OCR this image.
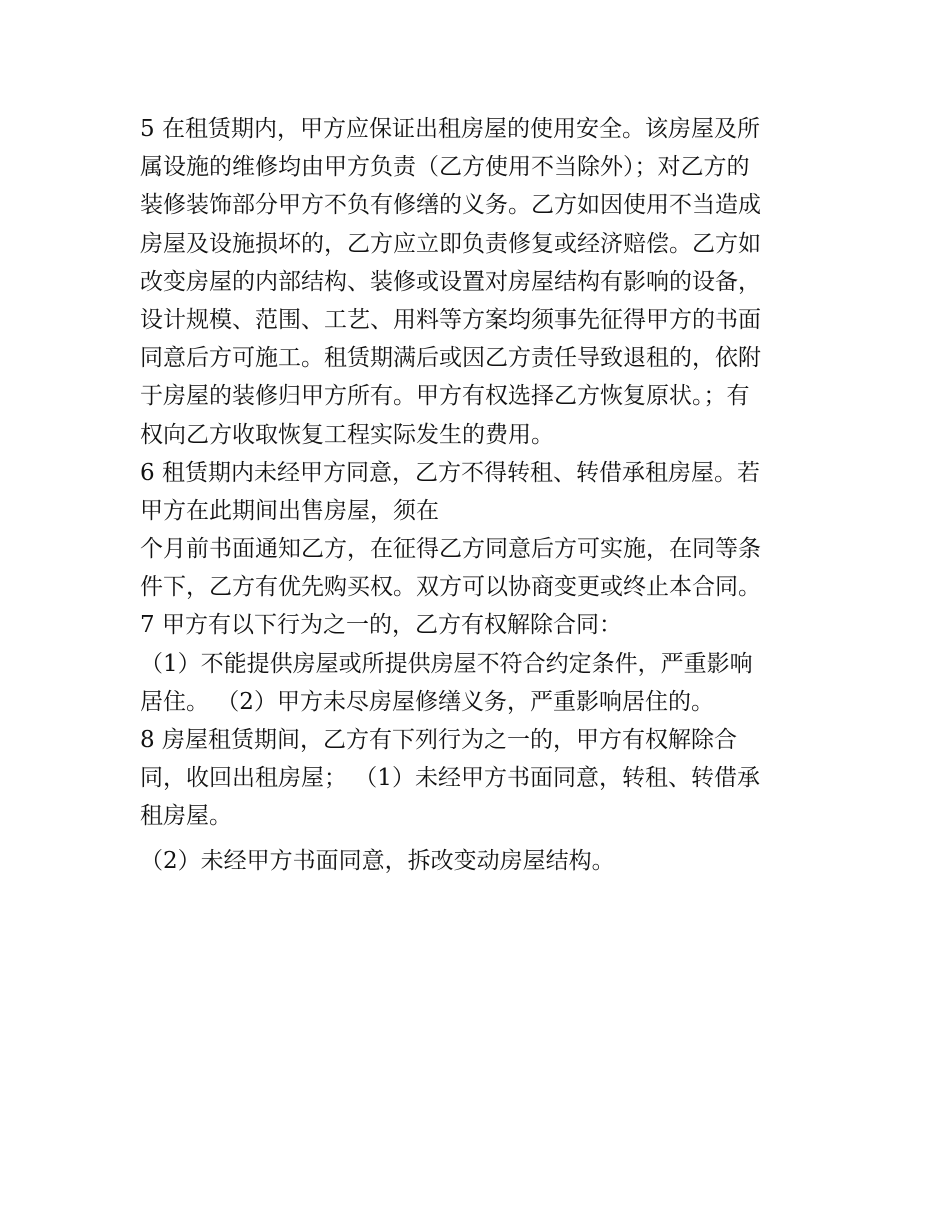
5 在租赁期内，甲方应保证出租房屋的使用安全。该房屋及所
属设施的维修均由甲方负责（乙方使用不当除外）；对乙方的
装修装饰部分甲方不负有修缮的义务。乙方如因使用不当造成
房屋及设施损坏的，乙方应立即负责修复或经济赔偿。乙方如
改变房屋的内部结构、装修或设置对房屋结构有影响的设备，
设计规模、范围、工艺、用料等方案均须事先征得甲方的书面
同意后方可施工。租赁期满后或因乙方责任导致退租的，依附
于房屋的装修归甲方所有。甲方有权选择乙方恢复原状。；有
权向乙方收取恢复工程实际发生的费用。
6 租赁期内未经甲方同意，乙方不得转租、转借承租房屋。若
甲方在此期间出售房屋，须在
个月前书面通知乙方，在征得乙方同意后方可实施，在同等条
件下，乙方有优先购买权。双方可以协商变更或终止本合同。
7 甲方有以下行为之一的，乙方有权解除合同：
（1）不能提供房屋或所提供房屋不符合约定条件，严重影响
居住。 （2）甲方未尽房屋修缮义务，严重影响居住的。
8 房屋租赁期间，乙方有下列行为之一的，甲方有权解除合
同，收回出租房屋； （1）未经甲方书面同意，转租、转借承
租房屋。
（2）未经甲方书面同意，拆改变动房屋结构。
